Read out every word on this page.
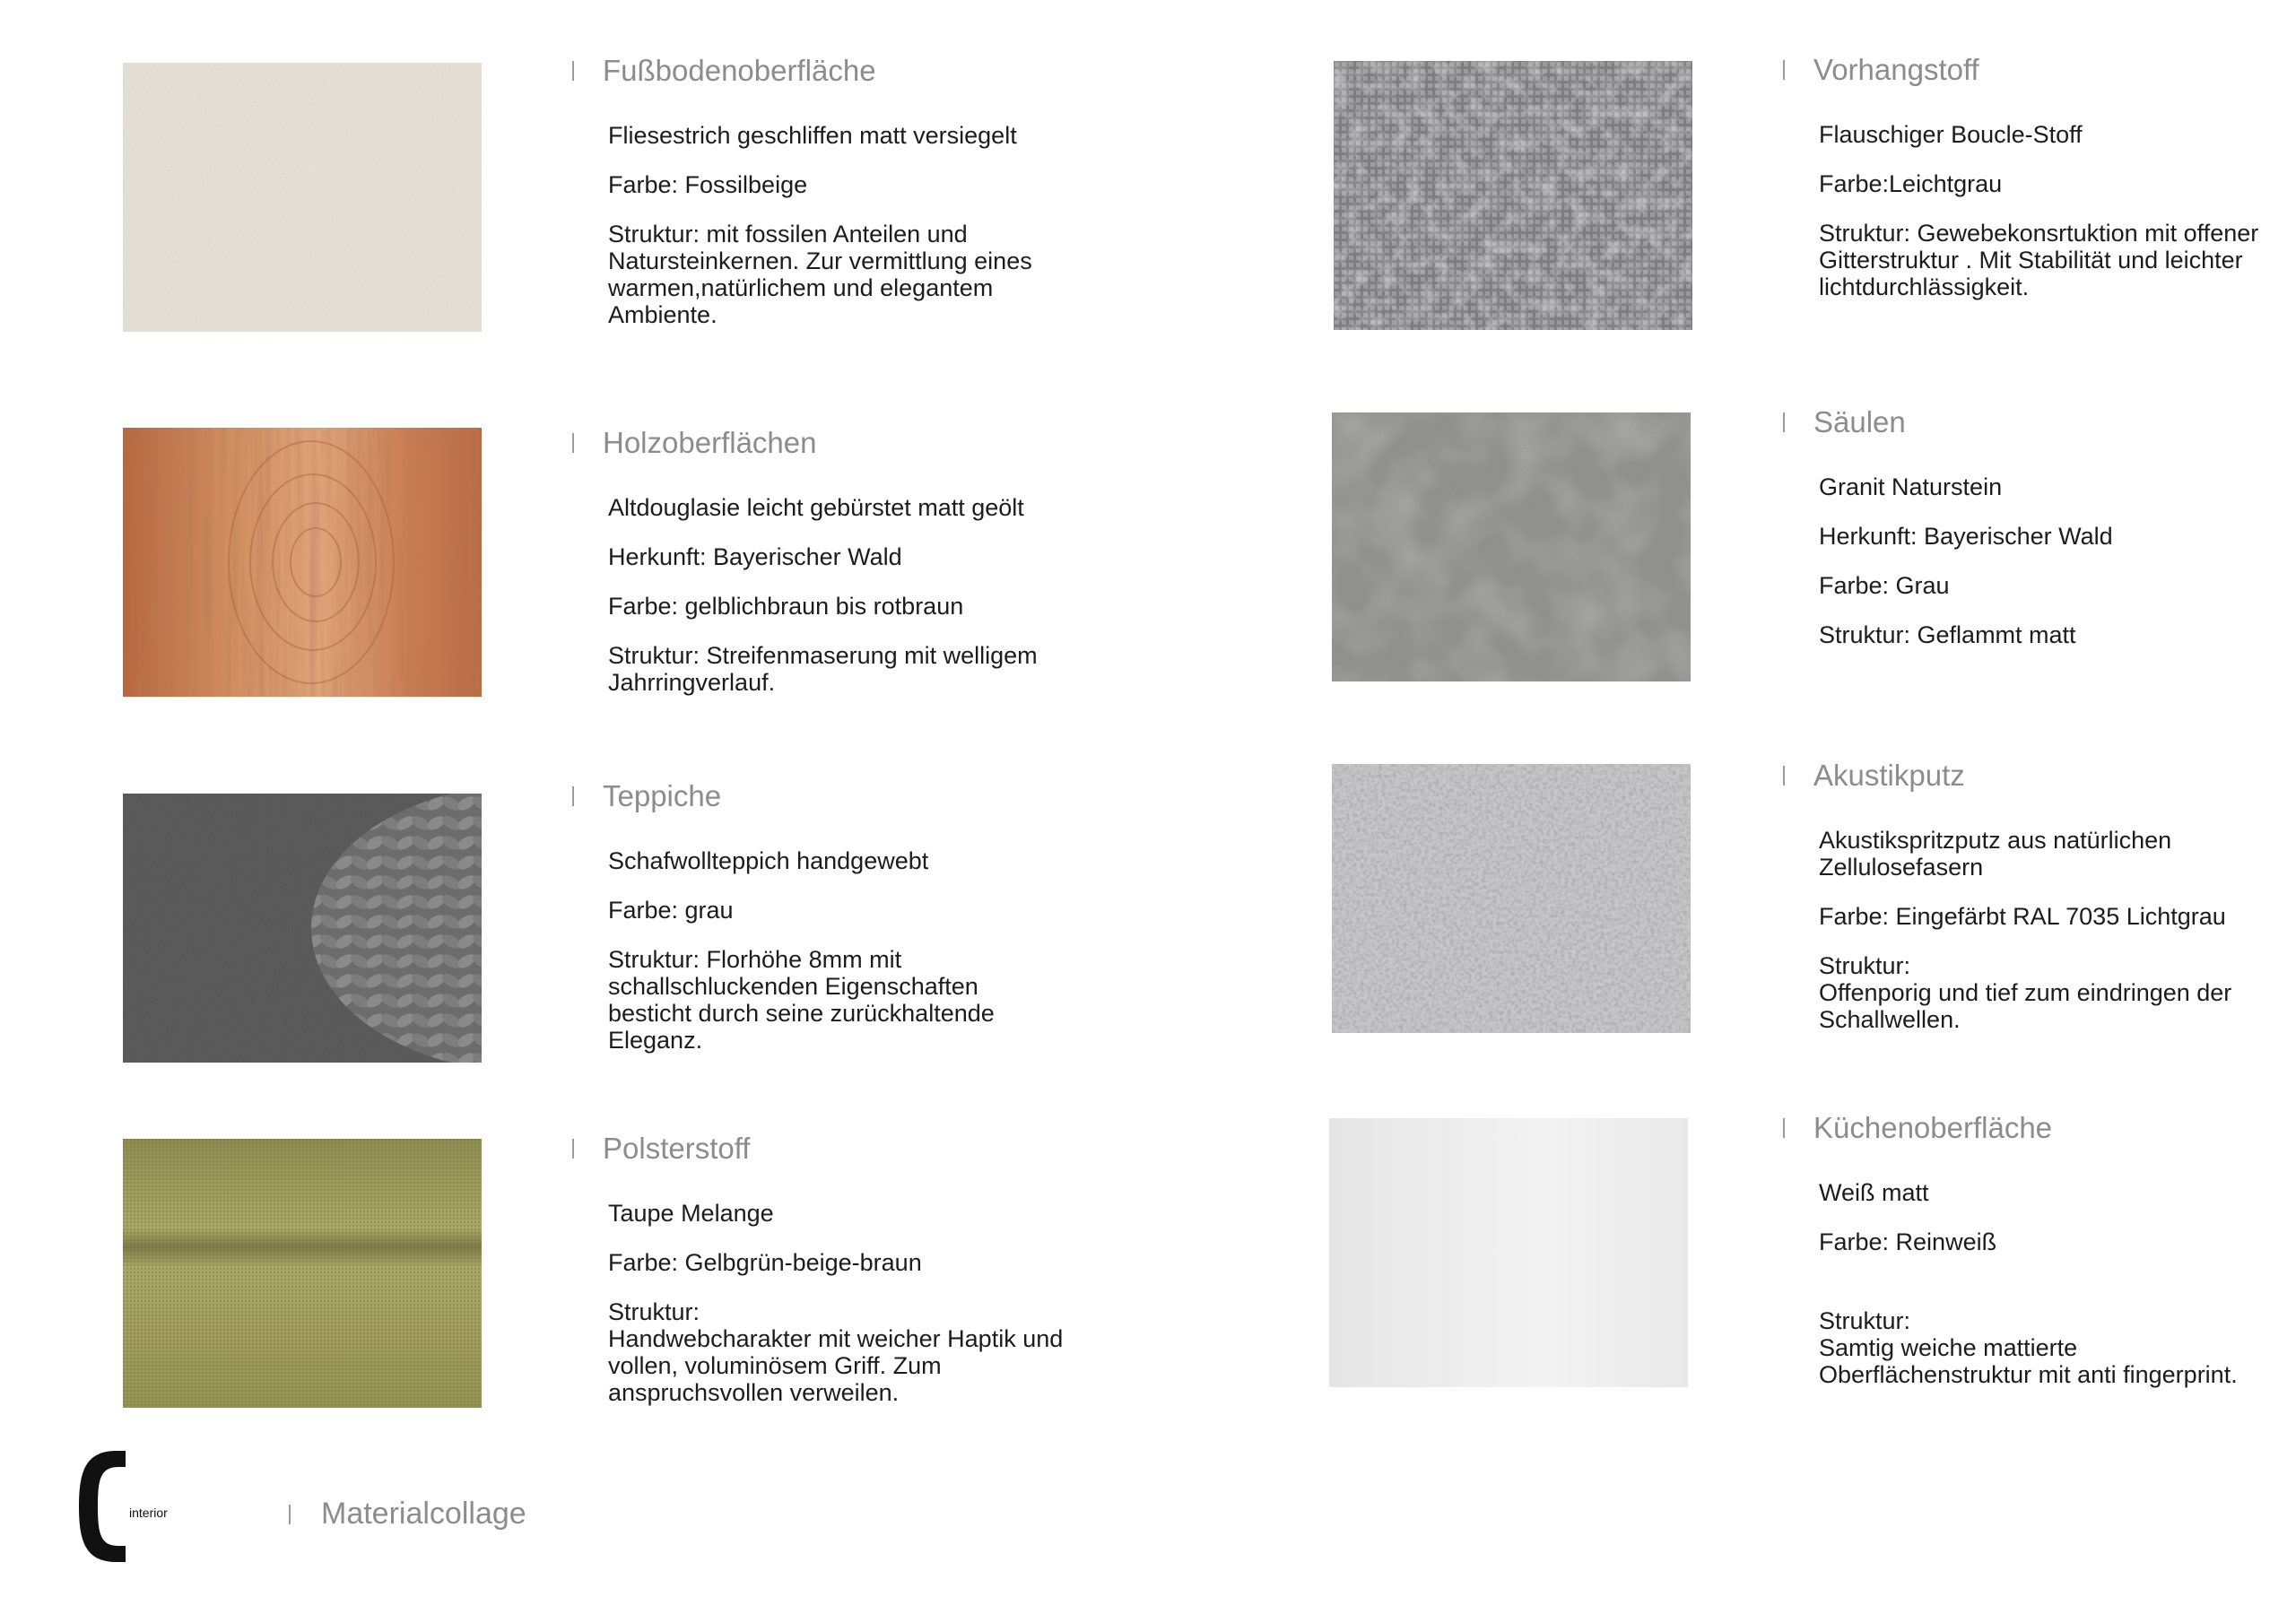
Fußbodenoberfläche

Fliesestrich geschliffen matt versiegelt

Farbe: Fossilbeige

Struktur: mit fossilen Anteilen und Natursteinkernen. Zur vermittlung eines warmen,natürlichem und elegantem Ambiente.

Holzoberflächen

Altdouglasie leicht gebürstet matt geölt

Herkunft: Bayerischer Wald

Farbe: gelblichbraun bis rotbraun

Struktur: Streifenmaserung mit welligem Jahrringverlauf.

Teppiche

Schafwollteppich handgewebt

Farbe: grau

Struktur: Florhöhe 8mm mit schallschluckenden Eigenschaften besticht durch seine zurückhaltende Eleganz.

Polsterstoff

Taupe Melange

Farbe: Gelbgrün-beige-braun

Struktur:
Handwebcharakter mit weicher Haptik und vollen, voluminösem Griff. Zum anspruchsvollen verweilen.

Vorhangstoff

Flauschiger Boucle-Stoff

Farbe:Leichtgrau

Struktur: Gewebekonsrtuktion mit offener Gitterstruktur . Mit Stabilität und leichter lichtdurchlässigkeit.

Säulen

Granit Naturstein

Herkunft: Bayerischer Wald

Farbe: Grau

Struktur: Geflammt matt

Akustikputz

Akustikspritzputz aus natürlichen Zellulosefasern

Farbe: Eingefärbt RAL 7035 Lichtgrau

Struktur:
Offenporig und tief zum eindringen der Schallwellen.

Küchenoberfläche

Weiß matt

Farbe: Reinweiß

Struktur:
Samtig weiche mattierte Oberflächenstruktur mit anti fingerprint.

b interior	Materialcollage
